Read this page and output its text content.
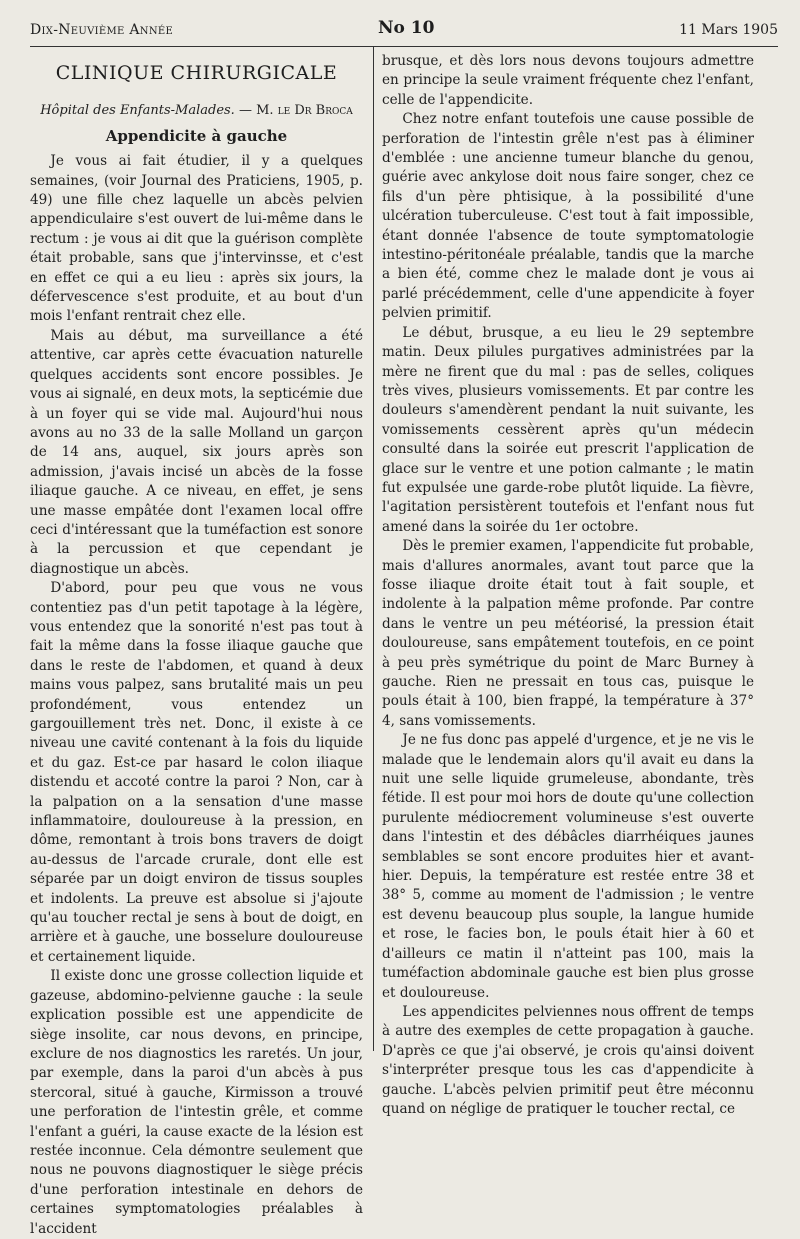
Dix-Neuvième Année	No 10	11 Mars 1905
CLINIQUE CHIRURGICALE
Hôpital des Enfants-Malades. — M. le Dr Broca
Appendicite à gauche

Je vous ai fait étudier, il y a quelques semaines, (voir Journal des Praticiens, 1905, p. 49) une fille chez laquelle un abcès pelvien appendiculaire s'est ouvert de lui-même dans le rectum : je vous ai dit que la guérison complète était probable, sans que j'intervinsse, et c'est en effet ce qui a eu lieu : après six jours, la défervescence s'est produite, et au bout d'un mois l'enfant rentrait chez elle.

Mais au début, ma surveillance a été attentive, car après cette évacuation naturelle quelques accidents sont encore possibles. Je vous ai signalé, en deux mots, la septicémie due à un foyer qui se vide mal. Aujourd'hui nous avons au no 33 de la salle Molland un garçon de 14 ans, auquel, six jours après son admission, j'avais incisé un abcès de la fosse iliaque gauche. A ce niveau, en effet, je sens une masse empâtée dont l'examen local offre ceci d'intéressant que la tuméfaction est sonore à la percussion et que cependant je diagnostique un abcès.

D'abord, pour peu que vous ne vous contentiez pas d'un petit tapotage à la légère, vous entendez que la sonorité n'est pas tout à fait la même dans la fosse iliaque gauche que dans le reste de l'abdomen, et quand à deux mains vous palpez, sans brutalité mais un peu profondément, vous entendez un gargouillement très net. Donc, il existe à ce niveau une cavité contenant à la fois du liquide et du gaz. Est-ce par hasard le colon iliaque distendu et accoté contre la paroi ? Non, car à la palpation on a la sensation d'une masse inflammatoire, douloureuse à la pression, en dôme, remontant à trois bons travers de doigt au-dessus de l'arcade crurale, dont elle est séparée par un doigt environ de tissus souples et indolents. La preuve est absolue si j'ajoute qu'au toucher rectal je sens à bout de doigt, en arrière et à gauche, une bosselure douloureuse et certainement liquide.

Il existe donc une grosse collection liquide et gazeuse, abdomino-pelvienne gauche : la seule explication possible est une appendicite de siège insolite, car nous devons, en principe, exclure de nos diagnostics les raretés. Un jour, par exemple, dans la paroi d'un abcès à pus stercoral, situé à gauche, Kirmisson a trouvé une perforation de l'intestin grêle, et comme l'enfant a guéri, la cause exacte de la lésion est restée inconnue. Cela démontre seulement que nous ne pouvons diagnostiquer le siège précis d'une perforation intestinale en dehors de certaines symptomatologies préalables à l'accident

brusque, et dès lors nous devons toujours admettre en principe la seule vraiment fréquente chez l'enfant, celle de l'appendicite.

Chez notre enfant toutefois une cause possible de perforation de l'intestin grêle n'est pas à éliminer d'emblée : une ancienne tumeur blanche du genou, guérie avec ankylose doit nous faire songer, chez ce fils d'un père phtisique, à la possibilité d'une ulcération tuberculeuse. C'est tout à fait impossible, étant donnée l'absence de toute symptomatologie intestino-péritonéale préalable, tandis que la marche a bien été, comme chez le malade dont je vous ai parlé précédemment, celle d'une appendicite à foyer pelvien primitif.

Le début, brusque, a eu lieu le 29 septembre matin. Deux pilules purgatives administrées par la mère ne firent que du mal : pas de selles, coliques très vives, plusieurs vomissements. Et par contre les douleurs s'amendèrent pendant la nuit suivante, les vomissements cessèrent après qu'un médecin consulté dans la soirée eut prescrit l'application de glace sur le ventre et une potion calmante ; le matin fut expulsée une garde-robe plutôt liquide. La fièvre, l'agitation persistèrent toutefois et l'enfant nous fut amené dans la soirée du 1er octobre.

Dès le premier examen, l'appendicite fut probable, mais d'allures anormales, avant tout parce que la fosse iliaque droite était tout à fait souple, et indolente à la palpation même profonde. Par contre dans le ventre un peu météorisé, la pression était douloureuse, sans empâtement toutefois, en ce point à peu près symétrique du point de Marc Burney à gauche. Rien ne pressait en tous cas, puisque le pouls était à 100, bien frappé, la température à 37° 4, sans vomissements.

Je ne fus donc pas appelé d'urgence, et je ne vis le malade que le lendemain alors qu'il avait eu dans la nuit une selle liquide grumeleuse, abondante, très fétide. Il est pour moi hors de doute qu'une collection purulente médiocrement volumineuse s'est ouverte dans l'intestin et des débâcles diarrhéiques jaunes semblables se sont encore produites hier et avant-hier. Depuis, la température est restée entre 38 et 38° 5, comme au moment de l'admission ; le ventre est devenu beaucoup plus souple, la langue humide et rose, le facies bon, le pouls était hier à 60 et d'ailleurs ce matin il n'atteint pas 100, mais la tuméfaction abdominale gauche est bien plus grosse et douloureuse.

Les appendicites pelviennes nous offrent de temps à autre des exemples de cette propagation à gauche. D'après ce que j'ai observé, je crois qu'ainsi doivent s'interpréter presque tous les cas d'appendicite à gauche. L'abcès pelvien primitif peut être méconnu quand on néglige de pratiquer le toucher rectal, ce
